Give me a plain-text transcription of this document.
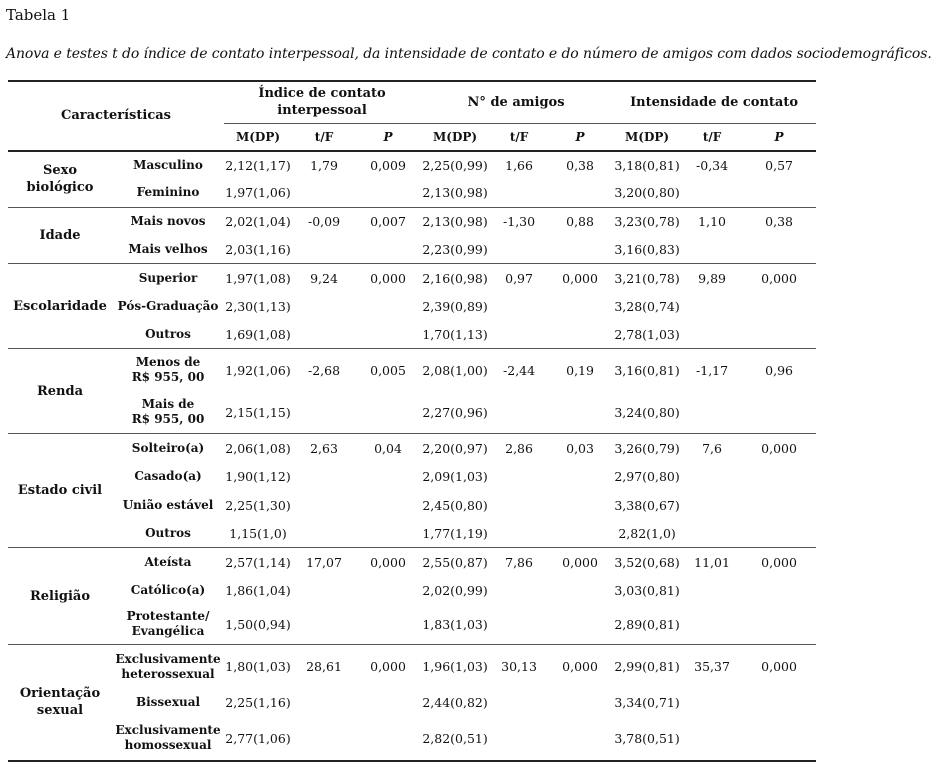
Tabela 1
Anova e testes t do índice de contato interpessoal, da intensidade de contato e do número de amigos com dados sociodemográficos.
Características		Índice de contato interpessoal			N° de amigos			Intensidade de contato		
		M(DP)	t/F	P	M(DP)	t/F	P	M(DP)	t/F	P
Sexo biológico	Masculino	2,12(1,17)	1,79	0,009	2,25(0,99)	1,66	0,38	3,18(0,81)	-0,34	0,57

	Feminino	1,97(1,06)			2,13(0,98)			3,20(0,80)		
Idade	Mais novos	2,02(1,04)	-0,09	0,007	2,13(0,98)	-1,30	0,88	3,23(0,78)	1,10	0,38

	Mais velhos	2,03(1,16)			2,23(0,99)			3,16(0,83)		
Escolaridade	Superior	1,97(1,08)	9,24	0,000	2,16(0,98)	0,97	0,000	3,21(0,78)	9,89	0,000

	Pós-Graduação	2,30(1,13)			2,39(0,89)			3,28(0,74)		

	Outros	1,69(1,08)			1,70(1,13)			2,78(1,03)		
Renda	Menos de
R$ 955, 00	1,92(1,06)	-2,68	0,005	2,08(1,00)	-2,44	0,19	3,16(0,81)	-1,17	0,96

	Mais de
R$ 955, 00	2,15(1,15)			2,27(0,96)			3,24(0,80)		
Estado civil	Solteiro(a)	2,06(1,08)	2,63	0,04	2,20(0,97)	2,86	0,03	3,26(0,79)	7,6	0,000

	Casado(a)	1,90(1,12)			2,09(1,03)			2,97(0,80)		

	União estável	2,25(1,30)			2,45(0,80)			3,38(0,67)		

	Outros	1,15(1,0)			1,77(1,19)			2,82(1,0)		
Religião	Ateísta	2,57(1,14)	17,07	0,000	2,55(0,87)	7,86	0,000	3,52(0,68)	11,01	0,000

	Católico(a)	1,86(1,04)			2,02(0,99)			3,03(0,81)		

	Protestante/
Evangélica	1,50(0,94)			1,83(1,03)			2,89(0,81)		
Orientação sexual	Exclusivamente
heterossexual	1,80(1,03)	28,61	0,000	1,96(1,03)	30,13	0,000	2,99(0,81)	35,37	0,000

	Bissexual	2,25(1,16)			2,44(0,82)			3,34(0,71)		

	Exclusivamente
homossexual	2,77(1,06)			2,82(0,51)			3,78(0,51)		
